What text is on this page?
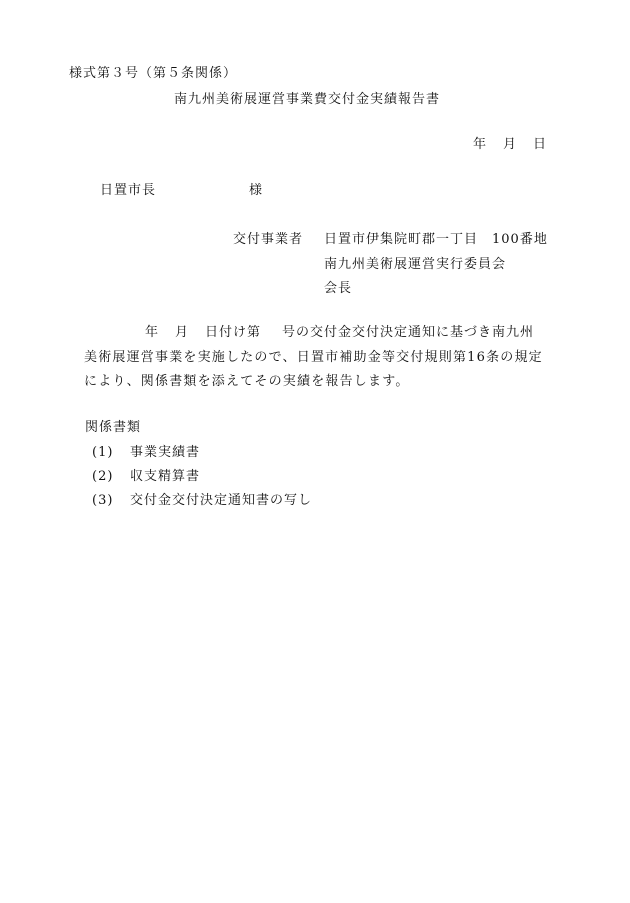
様式第３号（第５条関係）
南九州美術展運営事業費交付金実績報告書
年 月 日
日置市長	様
交付事業者 日置市伊集院町郡一丁目　100番地
南九州美術展運営実行委員会
会長
年 月 日付け第 号の交付金交付決定通知に基づき南九州
美術展運営事業を実施したので、日置市補助金等交付規則第16条の規定
により、関係書類を添えてその実績を報告します。
関係書類
(1) 事業実績書
(2) 収支精算書
(3) 交付金交付決定通知書の写し
